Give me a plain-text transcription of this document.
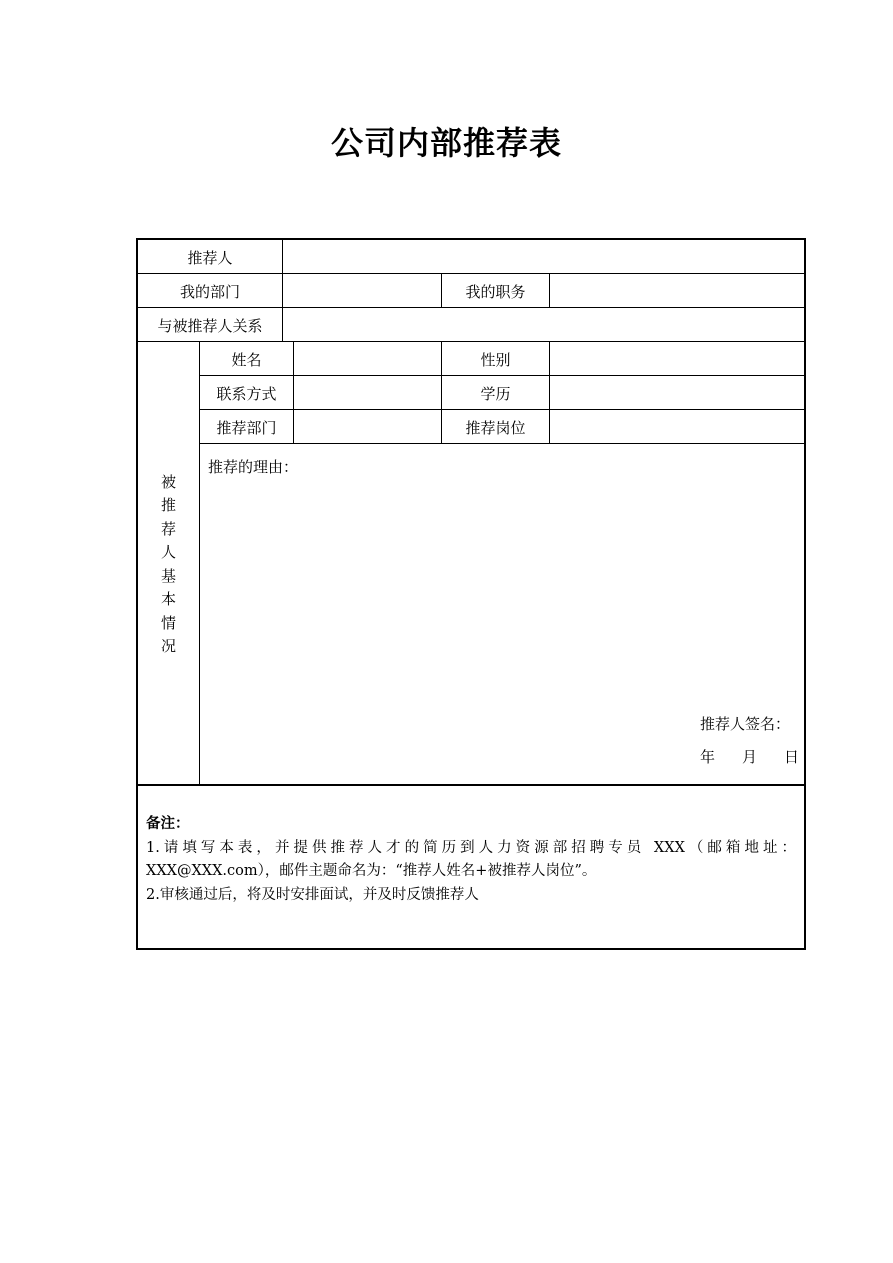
公司内部推荐表
推荐人
我的部门	我的职务
与被推荐人关系
被
推
荐
人
基
本
情
况
姓名	性别
联系方式	学历
推荐部门	推荐岗位
推荐的理由：
推荐人签名：
年 月 日
备注：
1.请填写本表，并提供推荐人才的简历到人力资源部招聘专员 XXX（邮箱地址：
XXX@XXX.com），邮件主题命名为：“推荐人姓名+被推荐人岗位”。
2.审核通过后，将及时安排面试，并及时反馈推荐人
